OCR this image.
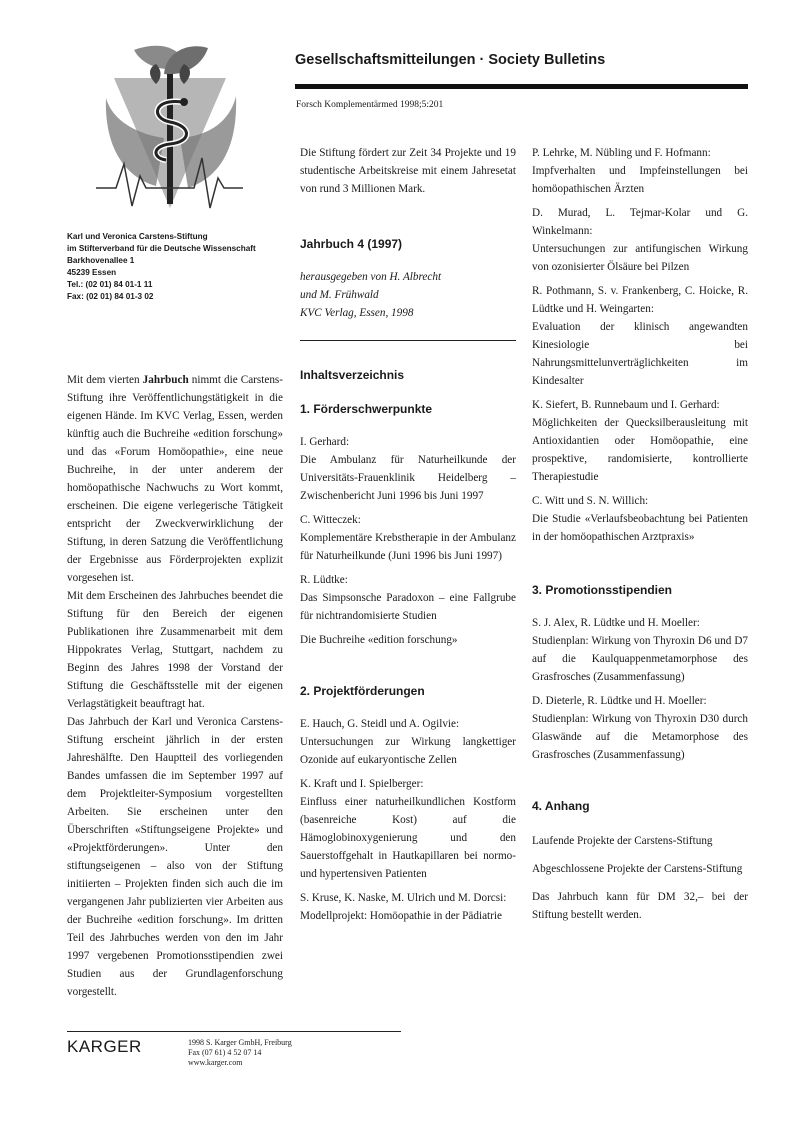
Karl und Veronica Carstens-Stiftung
im Stifterverband für die Deutsche Wissenschaft
Barkhovenallee 1
45239 Essen
Tel.: (02 01) 84 01-1 11
Fax: (02 01) 84 01-3 02
Gesellschaftsmitteilungen · Society Bulletins
Forsch Komplementärmed 1998;5:201

Mit dem vierten Jahrbuch nimmt die Carstens-Stiftung ihre Veröffentlichungstätigkeit in die eigenen Hände. Im KVC Verlag, Essen, werden künftig auch die Buchreihe «edition forschung» und das «Forum Homöopathie», eine neue Buchreihe, in der unter anderem der homöopathische Nachwuchs zu Wort kommt, erscheinen. Die eigene verlegerische Tätigkeit entspricht der Zweckverwirklichung der Stiftung, in deren Satzung die Veröffentlichung der Ergebnisse aus Förderprojekten explizit vorgesehen ist.

Mit dem Erscheinen des Jahrbuches beendet die Stiftung für den Bereich der eigenen Publikationen ihre Zusammenarbeit mit dem Hippokrates Verlag, Stuttgart, nachdem zu Beginn des Jahres 1998 der Vorstand der Stiftung die Geschäftsstelle mit der eigenen Verlagstätigkeit beauftragt hat.

Das Jahrbuch der Karl und Veronica Carstens-Stiftung erscheint jährlich in der ersten Jahreshälfte. Den Hauptteil des vorliegenden Bandes umfassen die im September 1997 auf dem Projektleiter-Symposium vorgestellten Arbeiten. Sie erscheinen unter den Überschriften «Stiftungseigene Projekte» und «Projektförderungen». Unter den stiftungseigenen – also von der Stiftung initiierten – Projekten finden sich auch die im vergangenen Jahr publizierten vier Arbeiten aus der Buchreihe «edition forschung». Im dritten Teil des Jahrbuches werden von den im Jahr 1997 vergebenen Promotionsstipendien zwei Studien aus der Grundlagenforschung vorgestellt.

Die Stiftung fördert zur Zeit 34 Projekte und 19 studentische Arbeitskreise mit einem Jahresetat von rund 3 Millionen Mark.

Jahrbuch 4 (1997)
herausgegeben von H. Albrecht
und M. Frühwald
KVC Verlag, Essen, 1998
Inhaltsverzeichnis
1. Förderschwerpunkte
I. Gerhard:
Die Ambulanz für Naturheilkunde der Universitäts-Frauenklinik Heidelberg – Zwischenbericht Juni 1996 bis Juni 1997
C. Witteczek:
Komplementäre Krebstherapie in der Ambulanz für Naturheilkunde (Juni 1996 bis Juni 1997)
R. Lüdtke:
Das Simpsonsche Paradoxon – eine Fallgrube für nichtrandomisierte Studien
Die Buchreihe «edition forschung»
2. Projektförderungen
E. Hauch, G. Steidl und A. Ogilvie:
Untersuchungen zur Wirkung langkettiger Ozonide auf eukaryontische Zellen
K. Kraft und I. Spielberger:
Einfluss einer naturheilkundlichen Kostform (basenreiche Kost) auf die Hämoglobinoxygenierung und den Sauerstoffgehalt in Hautkapillaren bei normo- und hypertensiven Patienten
S. Kruse, K. Naske, M. Ulrich und M. Dorcsi:
Modellprojekt: Homöopathie in der Pädiatrie
P. Lehrke, M. Nübling und F. Hofmann:
Impfverhalten und Impfeinstellungen bei homöopathischen Ärzten
D. Murad, L. Tejmar-Kolar und G. Winkelmann:
Untersuchungen zur antifungischen Wirkung von ozonisierter Ölsäure bei Pilzen
R. Pothmann, S. v. Frankenberg, C. Hoicke, R. Lüdtke und H. Weingarten:
Evaluation der klinisch angewandten Kinesiologie bei Nahrungsmittelunverträglichkeiten im Kindesalter
K. Siefert, B. Runnebaum und I. Gerhard:
Möglichkeiten der Quecksilberausleitung mit Antioxidantien oder Homöopathie, eine prospektive, randomisierte, kontrollierte Therapiestudie
C. Witt und S. N. Willich:
Die Studie «Verlaufsbeobachtung bei Patienten in der homöopathischen Arztpraxis»
3. Promotionsstipendien
S. J. Alex, R. Lüdtke und H. Moeller:
Studienplan: Wirkung von Thyroxin D6 und D7 auf die Kaulquappenmetamorphose des Grasfrosches (Zusammenfassung)
D. Dieterle, R. Lüdtke und H. Moeller:
Studienplan: Wirkung von Thyroxin D30 durch Glaswände auf die Metamorphose des Grasfrosches (Zusammenfassung)
4. Anhang
Laufende Projekte der Carstens-Stiftung
Abgeschlossene Projekte der Carstens-Stiftung
Das Jahrbuch kann für DM 32,– bei der Stiftung bestellt werden.
KARGER	1998 S. Karger GmbH, Freiburg
Fax (07 61) 4 52 07 14
www.karger.com
